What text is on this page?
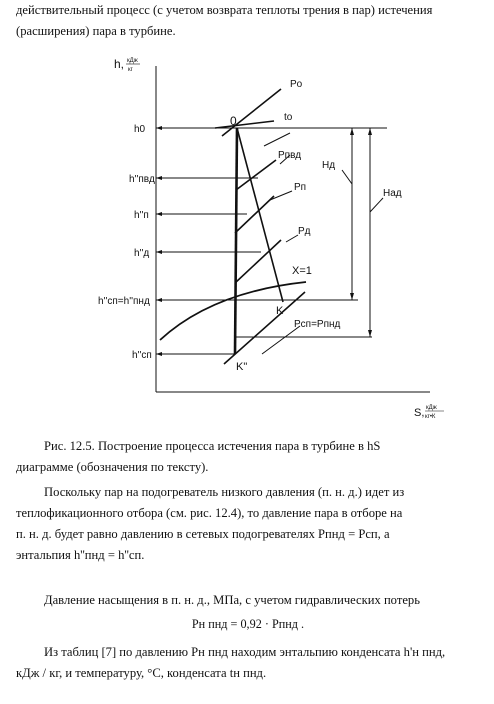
действительный процесс (с учетом возврата теплоты трения в пар) истечения
(расширения) пара в турбине.
h, кДж
кг
S, кДж
кг•К
0
K
K"
Pо
tо
Pпвд
Pп
Pд
X=1
Pсп=Pпнд
Hд
Hад
h0
h''пвд
h''п
h''д
h''сп=h''пнд
h''сп
Рис. 12.5. Построение процесса истечения пара в турбине в hS
диаграмме (обозначения по тексту).
Поскольку пар на подогреватель низкого давления (п. н. д.) идет из
теплофикационного отбора (см. рис. 12.4), то давление пара в отборе на
п. н. д. будет равно давлению в сетевых подогревателях Pпнд = Pсп, а
энтальпия h''пнд = h''сп.
Давление насыщения в п. н. д., МПа, с учетом гидравлических потерь
Pн пнд = 0,92 · Pпнд .
Из таблиц [7] по давлению Pн пнд находим энтальпию конденсата h'н пнд,
кДж / кг, и температуру, °С, конденсата tн пнд.
